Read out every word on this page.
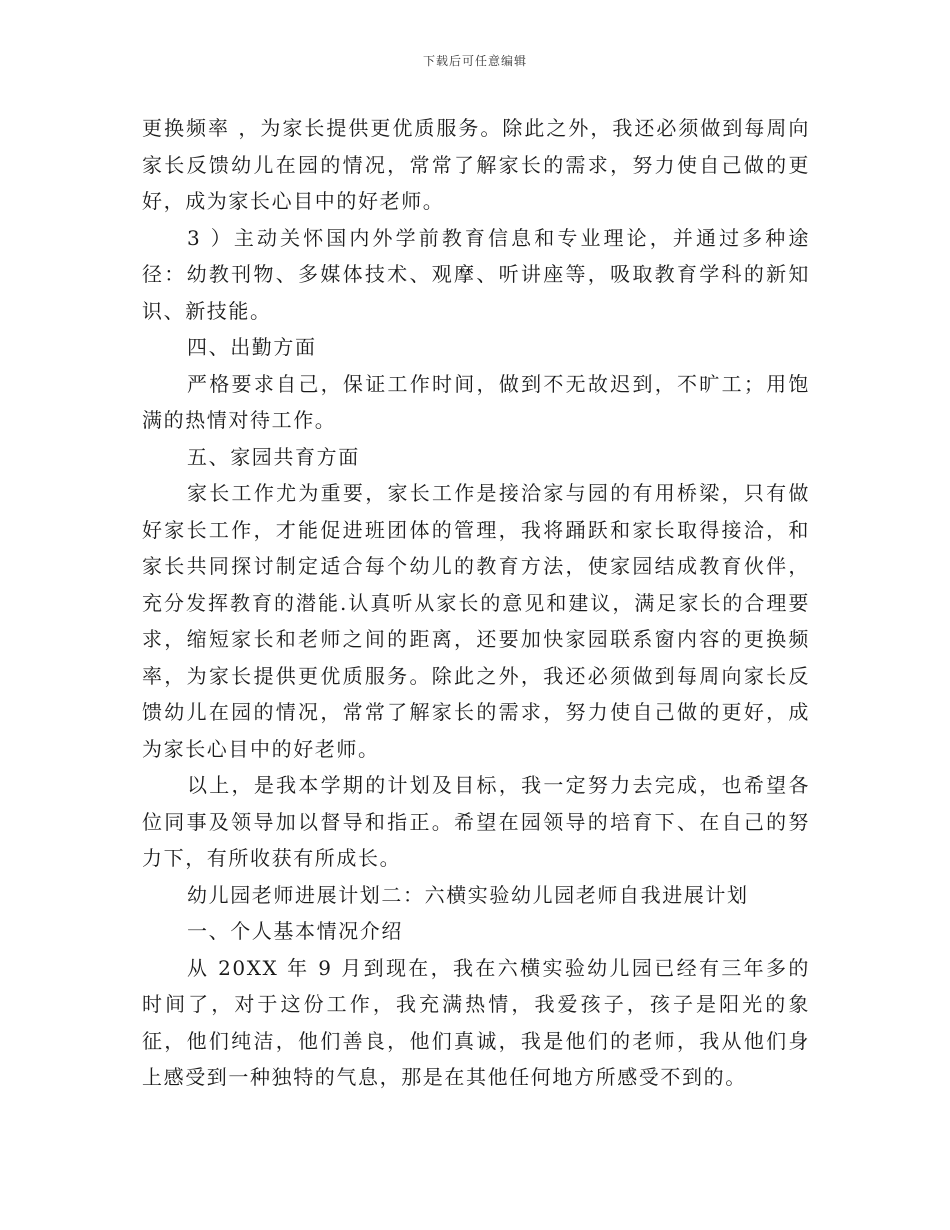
下载后可任意编辑

更换频率 ，为家长提供更优质服务。除此之外，我还必须做到每周向家长反馈幼儿在园的情况，常常了解家长的需求，努力使自己做的更好，成为家长心目中的好老师。

3 ）主动关怀国内外学前教育信息和专业理论，并通过多种途径：幼教刊物、多媒体技术、观摩、听讲座等，吸取教育学科的新知识、新技能。

四、出勤方面

严格要求自己，保证工作时间，做到不无故迟到，不旷工；用饱满的热情对待工作。

五、家园共育方面

家长工作尤为重要，家长工作是接洽家与园的有用桥梁，只有做好家长工作，才能促进班团体的管理，我将踊跃和家长取得接洽，和家长共同探讨制定适合每个幼儿的教育方法，使家园结成教育伙伴，充分发挥教育的潜能.认真听从家长的意见和建议，满足家长的合理要求，缩短家长和老师之间的距离，还要加快家园联系窗内容的更换频率，为家长提供更优质服务。除此之外，我还必须做到每周向家长反馈幼儿在园的情况，常常了解家长的需求，努力使自己做的更好，成为家长心目中的好老师。

以上，是我本学期的计划及目标，我一定努力去完成，也希望各位同事及领导加以督导和指正。希望在园领导的培育下、在自己的努力下，有所收获有所成长。

幼儿园老师进展计划二：六横实验幼儿园老师自我进展计划

一、个人基本情况介绍

从 20XX 年 9 月到现在，我在六横实验幼儿园已经有三年多的时间了，对于这份工作，我充满热情，我爱孩子，孩子是阳光的象征，他们纯洁，他们善良，他们真诚，我是他们的老师，我从他们身上感受到一种独特的气息，那是在其他任何地方所感受不到的。
